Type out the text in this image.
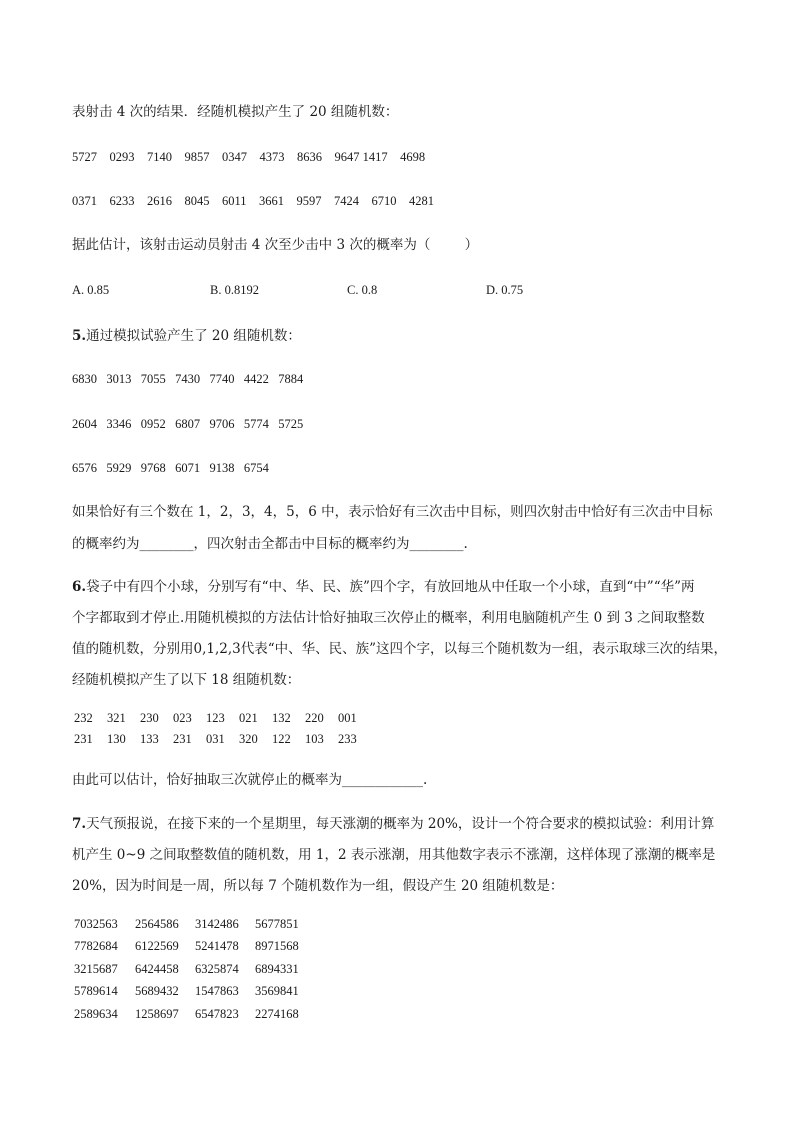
表射击 4 次的结果．经随机模拟产生了 20 组随机数：
5727    0293    7140    9857    0347    4373    8636    9647 1417    4698
0371    6233    2616    8045    6011    3661    9597    7424    6710    4281
据此估计，该射击运动员射击 4 次至少击中 3 次的概率为（        ）
A. 0.85	B. 0.8192	C. 0.8	D. 0.75
5.通过模拟试验产生了 20 组随机数：
6830   3013   7055   7430   7740   4422   7884
2604   3346   0952   6807   9706   5774   5725
6576   5929   9768   6071   9138   6754
如果恰好有三个数在 1，2，3，4，5，6 中，表示恰好有三次击中目标，则四次射击中恰好有三次击中目标
的概率约为________，四次射击全都击中目标的概率约为________.
6.袋子中有四个小球，分别写有“中、华、民、族”四个字，有放回地从中任取一个小球，直到“中”“华”两
个字都取到才停止.用随机模拟的方法估计恰好抽取三次停止的概率，利用电脑随机产生 0 到 3 之间取整数
值的随机数，分别用0,1,2,3代表“中、华、民、族”这四个字，以每三个随机数为一组，表示取球三次的结果，
经随机模拟产生了以下 18 组随机数：
232 321 230 023 123 021 132 220 001
231 130 133 231 031 320 122 103 233
由此可以估计，恰好抽取三次就停止的概率为____________.
7.天气预报说，在接下来的一个星期里，每天涨潮的概率为 20%，设计一个符合要求的模拟试验：利用计算
机产生 0~9 之间取整数值的随机数，用 1，2 表示涨潮，用其他数字表示不涨潮，这样体现了涨潮的概率是
20%，因为时间是一周，所以每 7 个随机数作为一组，假设产生 20 组随机数是：
7032563 2564586 3142486 5677851
7782684 6122569 5241478 8971568
3215687 6424458 6325874 6894331
5789614 5689432 1547863 3569841
2589634 1258697 6547823 2274168
